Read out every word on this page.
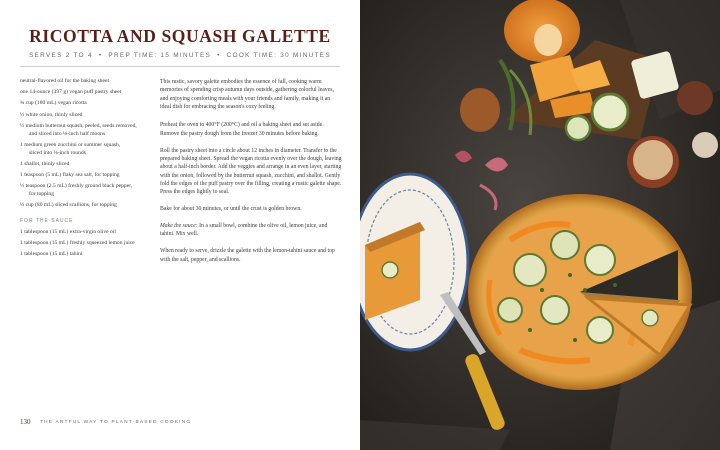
RICOTTA AND SQUASH GALETTE
SERVES 2 TO 4 • PREP TIME: 15 MINUTES • COOK TIME: 30 MINUTES
neutral-flavored oil for the baking sheet
one 14-ounce (397 g) vegan puff pastry sheet
¾ cup (180 mL) vegan ricotta
½ white onion, thinly sliced
½ medium butternut squash, peeled, seeds removed,
and sliced into ⅛-inch half moons
1 medium green zucchini or summer squash,
sliced into ⅛-inch rounds
1 shallot, thinly sliced
1 teaspoon (5 mL) flaky sea salt, for topping
½ teaspoon (2.5 mL) freshly ground black pepper,
for topping
⅓ cup (80 mL) sliced scallions, for topping
FOR THE SAUCE
1 tablespoon (15 mL) extra-virgin olive oil
1 tablespoon (15 mL) freshly squeezed lemon juice
1 tablespoon (15 mL) tahini

This rustic, savory galette embodies the essence of fall, cooking warm memories of spending crisp autumn days outside, gathering colorful leaves, and enjoying comforting meals with your friends and family, making it an ideal dish for embracing the season's cozy feeling.

Preheat the oven to 400°F (200°C) and oil a baking sheet and set aside. Remove the pastry dough from the freezer 30 minutes before baking.

Roll the pastry sheet into a circle about 12 inches in diameter. Transfer to the prepared baking sheet. Spread the vegan ricotta evenly over the dough, leaving about a half-inch border. Add the veggies and arrange in an even layer, starting with the onion, followed by the butternut squash, zucchini, and shallot. Gently fold the edges of the puff pastry over the filling, creating a rustic galette shape. Press the edges lightly to seal.

Bake for about 30 minutes, or until the crust is golden brown.

Make the sauce: In a small bowl, combine the olive oil, lemon juice, and tahini. Mix well.

When ready to serve, drizzle the galette with the lemon-tahini sauce and top with the salt, pepper, and scallions.

130 THE ARTFUL WAY TO PLANT-BASED COOKING
